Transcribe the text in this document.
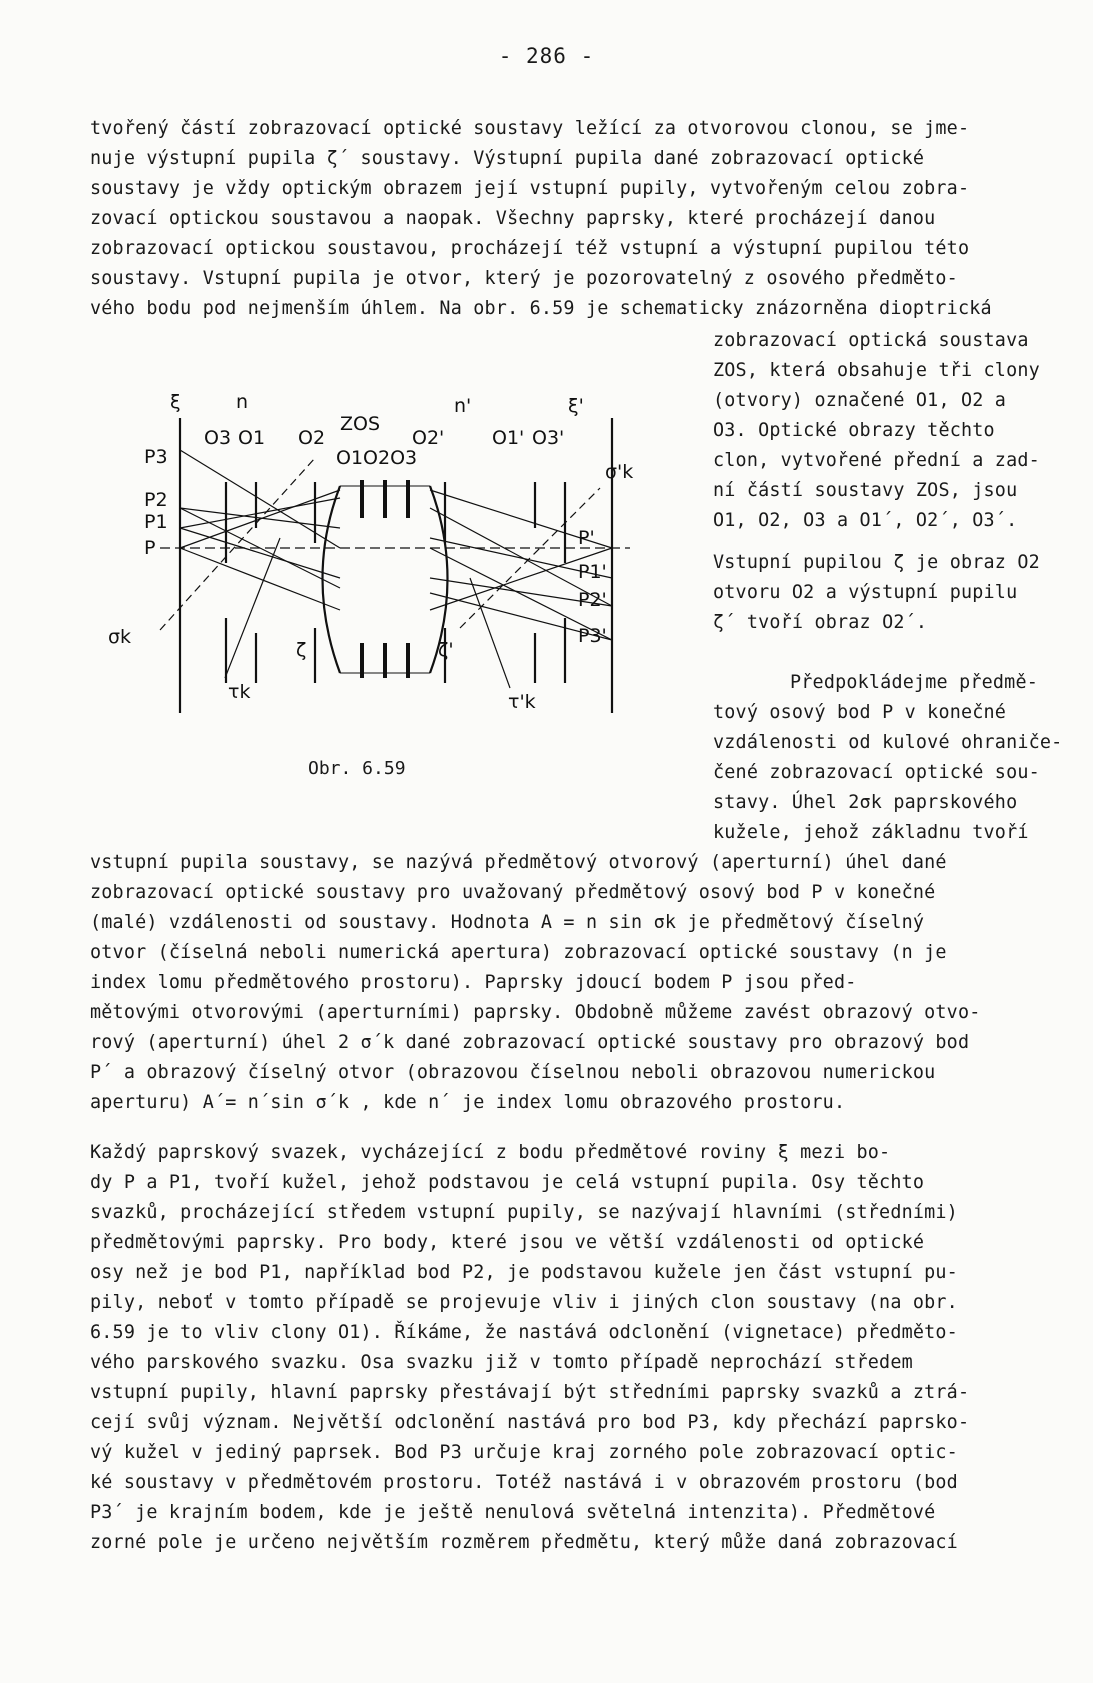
- 286 -
tvořený částí zobrazovací optické soustavy ležící za otvorovou clonou, se jme-
nuje výstupní pupila ζ´ soustavy. Výstupní pupila dané zobrazovací optické
soustavy je vždy optickým obrazem její vstupní pupily, vytvořeným celou zobra-
zovací optickou soustavou a naopak. Všechny paprsky, které procházejí danou
zobrazovací optickou soustavou, procházejí též vstupní a výstupní pupilou této
soustavy. Vstupní pupila je otvor, který je pozorovatelný z osového předměto-
vého bodu pod nejmenším úhlem. Na obr. 6.59 je schematicky znázorněna dioptrická
zobrazovací optická soustava
ZOS, která obsahuje tři clony
(otvory) označené O1, O2 a
O3. Optické obrazy těchto
clon, vytvořené přední a zad-
ní částí soustavy ZOS, jsou
O1, O2, O3 a O1´, O2´, O3´.
Vstupní pupilou ζ je obraz O2
otvoru O2 a výstupní pupilu
ζ´ tvoří obraz O2´.
Předpokládejme předmě-
tový osový bod P v konečné
vzdálenosti od kulové ohraniče-
čené zobrazovací optické sou-
stavy. Úhel 2σk paprskového
kužele, jehož základnu tvoří
ξ	n	n'	ξ'
ZOS
O3 O1 O2
O1O2O3
O2'	O1' O3'
P3
P2
P1
P	P'
P1'
P2'
P3'
σk
σ'k
τk	τ'k
ζ	ζ'
Obr. 6.59
vstupní pupila soustavy, se nazývá předmětový otvorový (aperturní) úhel dané
zobrazovací optické soustavy pro uvažovaný předmětový osový bod P v konečné
(malé) vzdálenosti od soustavy. Hodnota A = n sin σk je předmětový číselný
otvor (číselná neboli numerická apertura) zobrazovací optické soustavy (n je
index lomu předmětového prostoru). Paprsky jdoucí bodem P jsou před-
mětovými otvorovými (aperturními) paprsky. Obdobně můžeme zavést obrazový otvo-
rový (aperturní) úhel 2 σ´k dané zobrazovací optické soustavy pro obrazový bod
P´ a obrazový číselný otvor (obrazovou číselnou neboli obrazovou numerickou
aperturu) A´= n´sin σ´k , kde n´ je index lomu obrazového prostoru.
Každý paprskový svazek, vycházející z bodu předmětové roviny ξ mezi bo-
dy P a P1, tvoří kužel, jehož podstavou je celá vstupní pupila. Osy těchto
svazků, procházející středem vstupní pupily, se nazývají hlavními (středními)
předmětovými paprsky. Pro body, které jsou ve větší vzdálenosti od optické
osy než je bod P1, například bod P2, je podstavou kužele jen část vstupní pu-
pily, neboť v tomto případě se projevuje vliv i jiných clon soustavy (na obr.
6.59 je to vliv clony O1). Říkáme, že nastává odclonění (vignetace) předměto-
vého parskového svazku. Osa svazku již v tomto případě neprochází středem
vstupní pupily, hlavní paprsky přestávají být středními paprsky svazků a ztrá-
cejí svůj význam. Největší odclonění nastává pro bod P3, kdy přechází paprsko-
vý kužel v jediný paprsek. Bod P3 určuje kraj zorného pole zobrazovací optic-
ké soustavy v předmětovém prostoru. Totéž nastává i v obrazovém prostoru (bod
P3´ je krajním bodem, kde je ještě nenulová světelná intenzita). Předmětové
zorné pole je určeno největším rozměrem předmětu, který může daná zobrazovací
